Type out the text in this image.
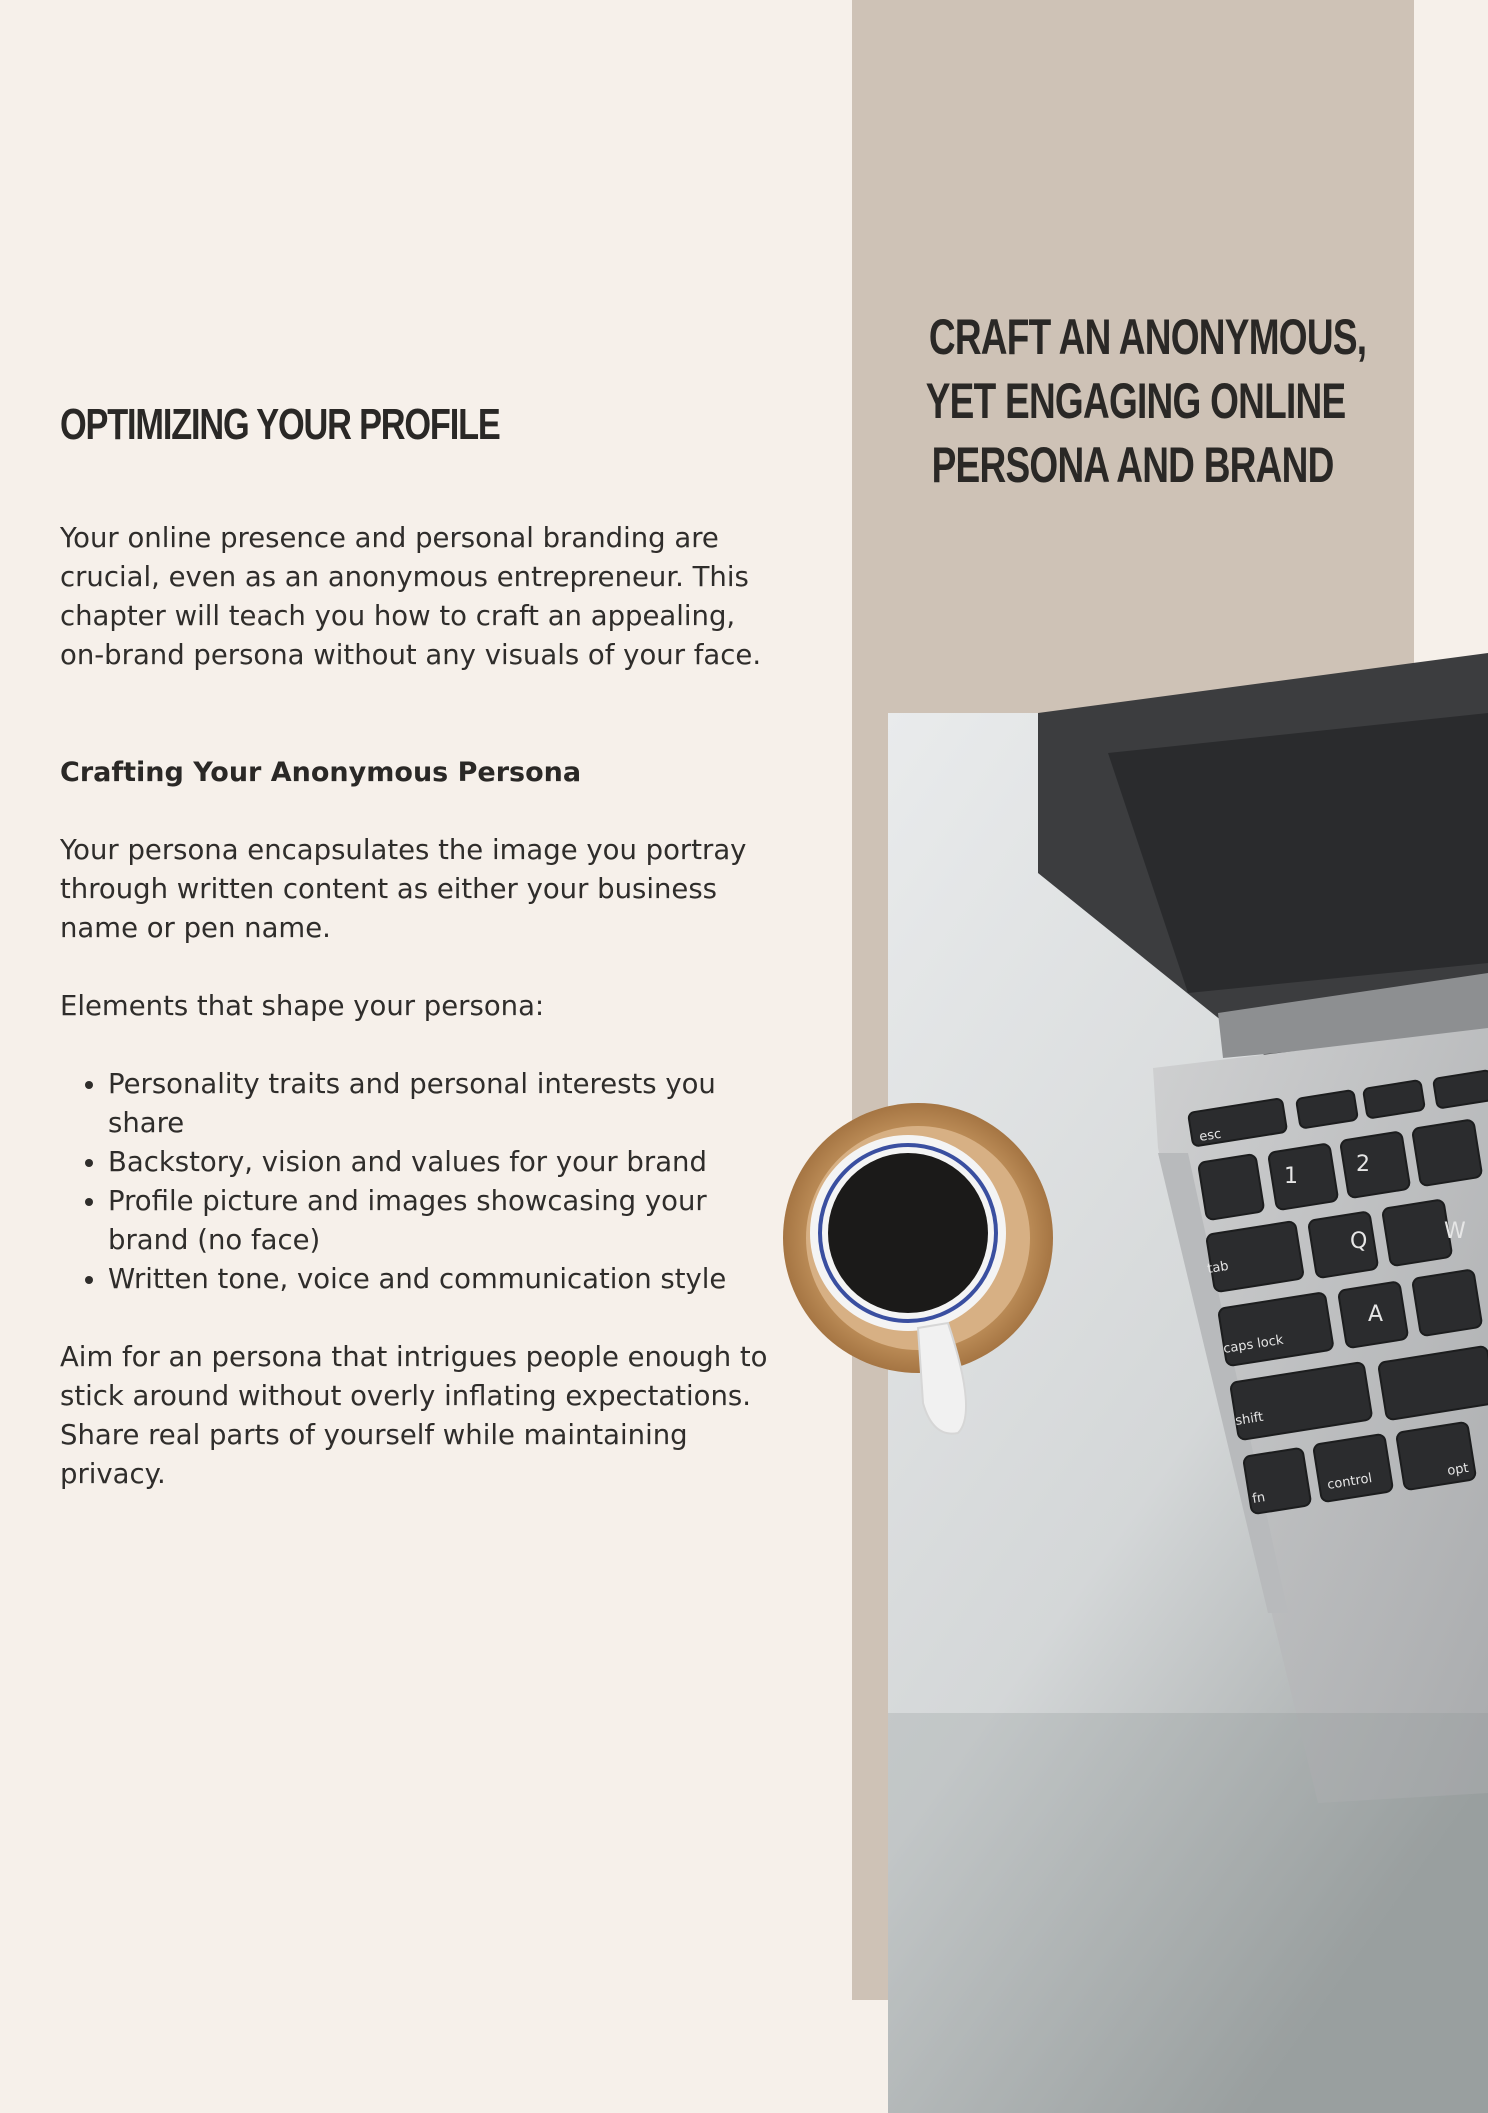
OPTIMIZING YOUR PROFILE

Your online presence and personal branding are crucial, even as an anonymous entrepreneur. This chapter will teach you how to craft an appealing, on-brand persona without any visuals of your face.

Crafting Your Anonymous Persona

Your persona encapsulates the image you portray through written content as either your business name or pen name.

Elements that shape your persona:

• Personality traits and personal interests you share
• Backstory, vision and values for your brand
• Profile picture and images showcasing your brand (no face)
• Written tone, voice and communication style

Aim for an persona that intrigues people enough to stick around without overly inflating expectations. Share real parts of yourself while maintaining privacy.

CRAFT AN ANONYMOUS,
YET ENGAGING ONLINE
PERSONA AND BRAND
esc
tab
caps lock
shift
fn
control
opt
Q
A
W
1	2
